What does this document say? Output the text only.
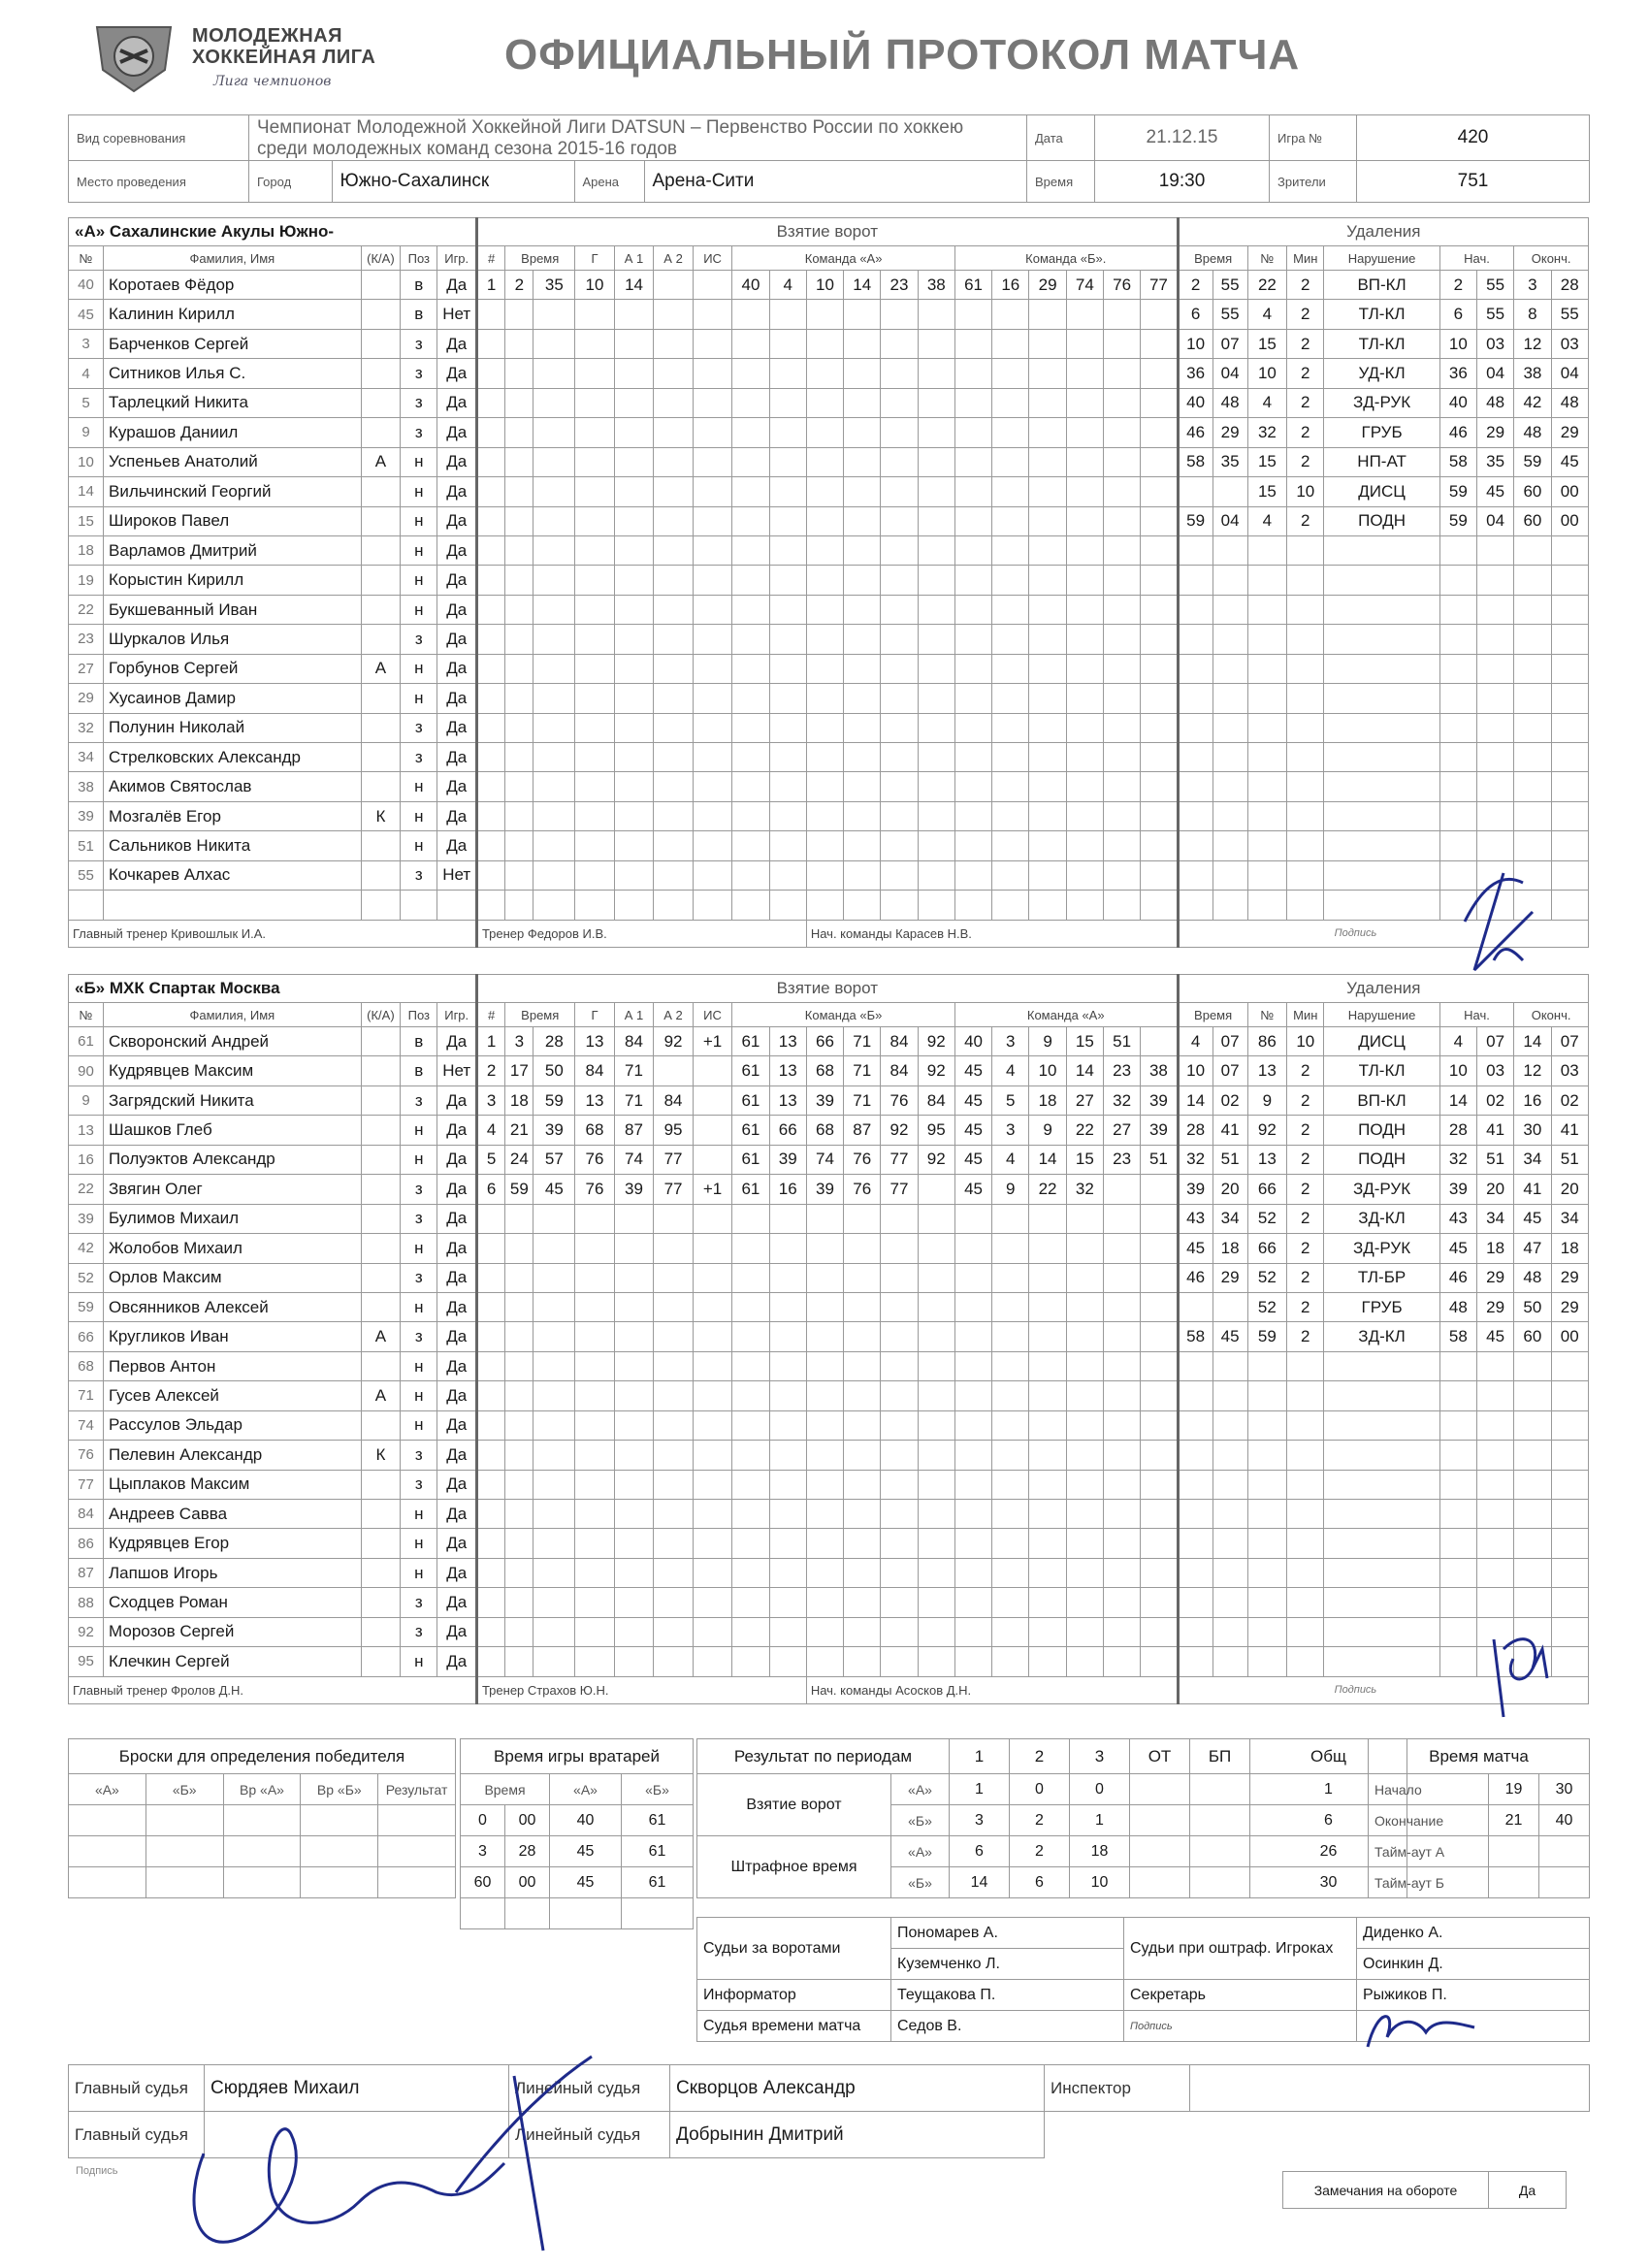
МОЛОДЕЖНАЯ
ХОККЕЙНАЯ ЛИГА
Лига чемпионов
ОФИЦИАЛЬНЫЙ ПРОТОКОЛ МАТЧА
Вид соревнования	Чемпионат Молодежной Хоккейной Лиги DATSUN – Первенство России по хоккею среди молодежных команд сезона 2015-16 годов	Дата	21.12.15	Игра №	420
Место проведения		Город	Южно-Сахалинск	Арена	Арена-Сити
		Время	19:30	Зрители	751
«А» Сахалинские Акулы Южно-					Взятие ворот																			Удаления								
№	Фамилия, Имя	(К/А)	Поз	Игр.	#	Время		Г	А 1	А 2	ИС	Команда «А»						Команда «Б».						Время		№	Мин	Нарушение	Нач.		Оконч.	
40	Коротаев Фёдор		в	Да	1	2	35	10	14			40	4	10	14	23	38	61	16	29	74	76	77	2	55	22	2	ВП-КЛ	2	55	3	28
45	Калинин Кирилл		в	Нет																				6	55	4	2	ТЛ-КЛ	6	55	8	55
3	Барченков Сергей		з	Да																				10	07	15	2	ТЛ-КЛ	10	03	12	03
4	Ситников Илья С.		з	Да																				36	04	10	2	УД-КЛ	36	04	38	04
5	Тарлецкий Никита		з	Да																				40	48	4	2	ЗД-РУК	40	48	42	48
9	Курашов Даниил		з	Да																				46	29	32	2	ГРУБ	46	29	48	29
10	Успеньев Анатолий	А	н	Да																				58	35	15	2	НП-АТ	58	35	59	45
14	Вильчинский Георгий		н	Да																						15	10	ДИСЦ	59	45	60	00
15	Широков Павел		н	Да																				59	04	4	2	ПОДН	59	04	60	00
18	Варламов Дмитрий		н	Да																												
19	Корыстин Кирилл		н	Да																												
22	Букшеванный Иван		н	Да																												
23	Шуркалов Илья		з	Да																												
27	Горбунов Сергей	А	н	Да																												
29	Хусаинов Дамир		н	Да																												
32	Полунин Николай		з	Да																												
34	Стрелковских Александр		з	Да																												
38	Акимов Святослав		н	Да																												
39	Мозгалёв Егор	К	н	Да																												
51	Сальников Никита		н	Да																												
55	Кочкарев Алхас		з	Нет																												

Главный тренер Кривошлык И.А.					Тренер Федоров И.В.									Нач. команды Карасев Н.В.										Подпись								
«Б» МХК Спартак Москва					Взятие ворот																			Удаления								
№	Фамилия, Имя	(К/А)	Поз	Игр.	#	Время		Г	А 1	А 2	ИС	Команда «Б»						Команда «А»						Время		№	Мин	Нарушение	Нач.		Оконч.	
61	Скворонский Андрей		в	Да	1	3	28	13	84	92	+1	61	13	66	71	84	92	40	3	9	15	51		4	07	86	10	ДИСЦ	4	07	14	07
90	Кудрявцев Максим		в	Нет	2	17	50	84	71			61	13	68	71	84	92	45	4	10	14	23	38	10	07	13	2	ТЛ-КЛ	10	03	12	03
9	Загрядский Никита		з	Да	3	18	59	13	71	84		61	13	39	71	76	84	45	5	18	27	32	39	14	02	9	2	ВП-КЛ	14	02	16	02
13	Шашков Глеб		н	Да	4	21	39	68	87	95		61	66	68	87	92	95	45	3	9	22	27	39	28	41	92	2	ПОДН	28	41	30	41
16	Полуэктов Александр		н	Да	5	24	57	76	74	77		61	39	74	76	77	92	45	4	14	15	23	51	32	51	13	2	ПОДН	32	51	34	51
22	Звягин Олег		з	Да	6	59	45	76	39	77	+1	61	16	39	76	77		45	9	22	32			39	20	66	2	ЗД-РУК	39	20	41	20
39	Булимов Михаил		з	Да																				43	34	52	2	ЗД-КЛ	43	34	45	34
42	Жолобов Михаил		н	Да																				45	18	66	2	ЗД-РУК	45	18	47	18
52	Орлов Максим		з	Да																				46	29	52	2	ТЛ-БР	46	29	48	29
59	Овсянников Алексей		н	Да																						52	2	ГРУБ	48	29	50	29
66	Кругликов Иван	А	з	Да																				58	45	59	2	ЗД-КЛ	58	45	60	00
68	Первов Антон		н	Да																												
71	Гусев Алексей	А	н	Да																												
74	Рассулов Эльдар		н	Да																												
76	Пелевин Александр	К	з	Да																												
77	Цыплаков Максим		з	Да																												
84	Андреев Савва		н	Да																												
86	Кудрявцев Егор		н	Да																												
87	Лапшов Игорь		н	Да																												
88	Сходцев Роман		з	Да																												
92	Морозов Сергей		з	Да																												
95	Клечкин Сергей		н	Да																												
Главный тренер Фролов Д.Н.					Тренер Страхов Ю.Н.									Нач. команды Асосков Д.Н.										Подпись								
Броски для определения победителя				
«А»	«Б»	Вр «А»	Вр «Б»	Результат

Время игры вратарей			
Время		«А»	«Б»
0	00	40	61
3	28	45	61
60	00	45	61

Результат по периодам		1	2	3	ОТ	БП	Общ
Взятие ворот	«А»	1	0	0			1
	«Б»	3	2	1			6
Штрафное время	«А»	6	2	18			26
	«Б»	14	6	10			30
Время матча		
Начало	19	30
Окончание	21	40
Тайм-аут А		
Тайм-аут Б		
Судьи за воротами	Пономарев А.	Судьи при оштраф. Игроках	Диденко А.
	Куземченко Л.		Осинкин Д.
Информатор	Теущакова П.	Секретарь	Рыжиков П.
Судья времени матча	Седов В.	Подпись	
Главный судья	Сюрдяев Михаил	Линейный судья	Скворцов Александр	Инспектор	
Главный судья		Линейный судья	Добрынин Дмитрий		
Подпись
Замечания на обороте	Да
